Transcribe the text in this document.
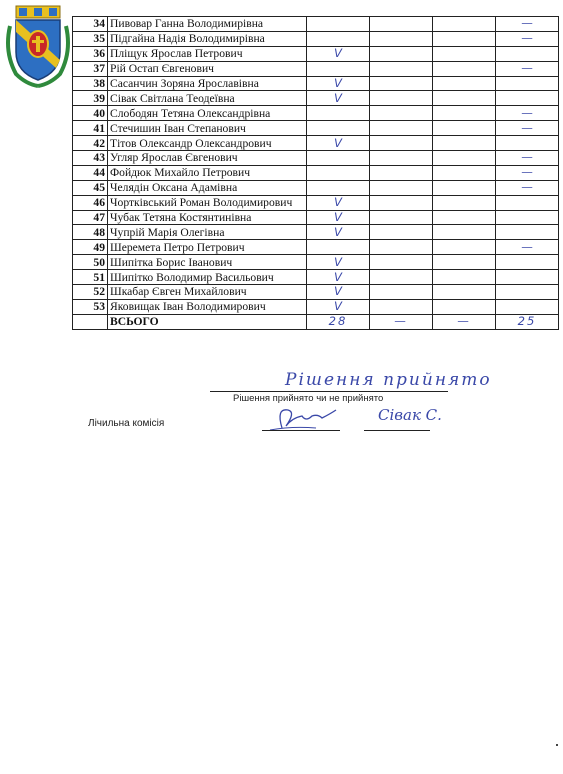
34	Пивовар Ганна Володимирівна				—
35	Підгайна Надія Володимирівна				—
36	Пліщук Ярослав Петрович	V			
37	Рій Остап Євгенович				—
38	Сасанчин Зоряна Ярославівна	V			
39	Сівак Світлана Теодеївна	V			
40	Слободян Тетяна Олександрівна				—
41	Стечишин Іван Степанович				—
42	Тітов Олександр Олександрович	V			
43	Угляр Ярослав Євгенович				—
44	Фойдюк Михайло Петрович				—
45	Челядін Оксана Адамівна				—
46	Чортківський Роман Володимирович	V			
47	Чубак Тетяна Костянтинівна	V			
48	Чупрій Марія Олегівна	V			
49	Шеремета Петро Петрович				—
50	Шипітка Борис Іванович	V			
51	Шипітко Володимир Васильович	V			
52	Шкабар Євген Михайлович	V			
53	Яковищак Іван Володимирович	V			
	ВСЬОГО	28	—	—	25
Рішення прийнято
Рішення прийнято чи не прийнято
Лічильна комісія	Сівак С.
